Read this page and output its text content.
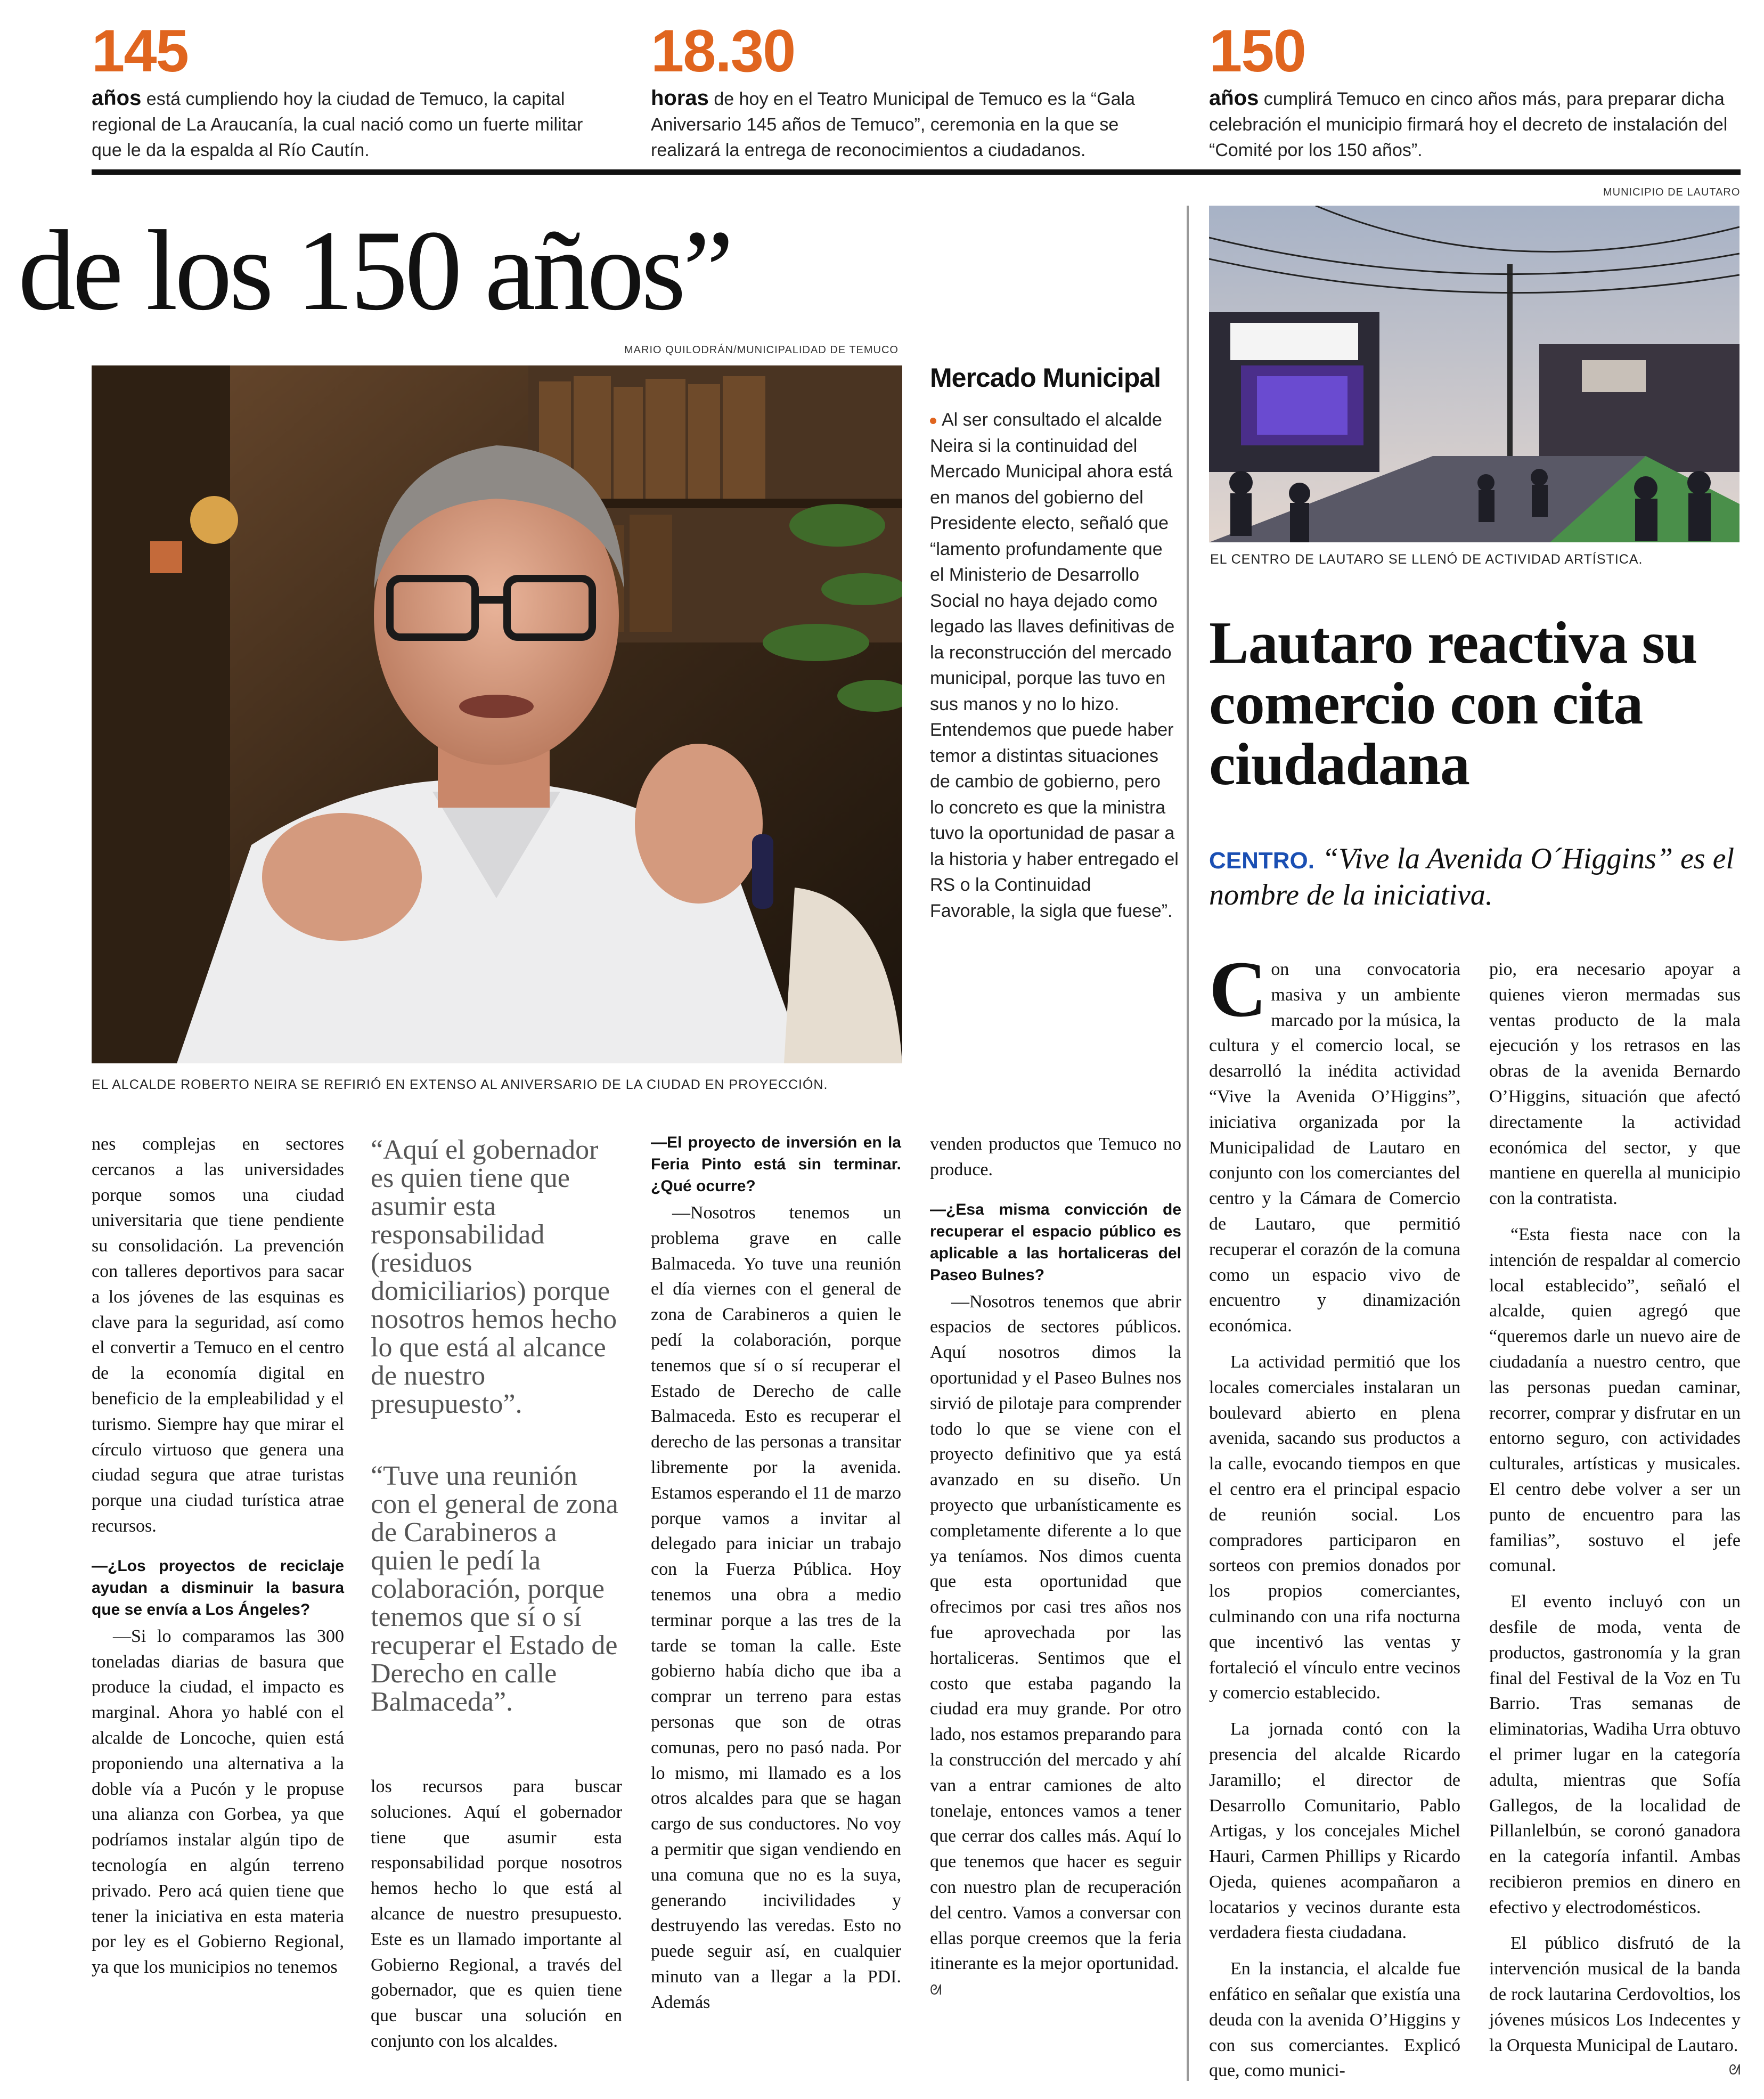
145
años está cumpliendo hoy la ciudad de Temuco, la capital regional de La Araucanía, la cual nació como un fuerte militar que le da la espalda al Río Cautín.
18.30
horas de hoy en el Teatro Municipal de Temuco es la “Gala Aniversario 145 años de Temuco”, ceremonia en la que se realizará la entrega de reconocimientos a ciudadanos.
150
años cumplirá Temuco en cinco años más, para preparar dicha celebración el municipio firmará hoy el decreto de instalación del “Comité por los 150 años”.
de los 150 años”
MARIO QUILODRÁN/MUNICIPALIDAD DE TEMUCO
EL ALCALDE ROBERTO NEIRA SE REFIRIÓ EN EXTENSO AL ANIVERSARIO DE LA CIUDAD EN PROYECCIÓN.
Mercado Municipal
Al ser consultado el alcalde Neira si la continuidad del Mercado Municipal ahora está en manos del gobierno del Presidente electo, señaló que “lamento profundamente que el Ministerio de Desarrollo Social no haya dejado como legado las llaves definitivas de la reconstrucción del mercado municipal, porque las tuvo en sus manos y no lo hizo. Entendemos que puede haber temor a distintas situaciones de cambio de gobierno, pero lo concreto es que la ministra tuvo la oportunidad de pasar a la historia y haber entregado el RS o la Continuidad Favorable, la sigla que fuese”.

nes complejas en sectores cercanos a las universidades porque somos una ciudad universitaria que tiene pendiente su consolidación. La prevención con talleres deportivos para sacar a los jóvenes de las esquinas es clave para la seguridad, así como el convertir a Temuco en el centro de la economía digital en beneficio de la empleabilidad y el turismo. Siempre hay que mirar el círculo virtuoso que genera una ciudad segura que atrae turistas porque una ciudad turística atrae recursos.

—¿Los proyectos de reciclaje ayudan a disminuir la basura que se envía a Los Ángeles?

—Si lo comparamos las 300 toneladas diarias de basura que produce la ciudad, el impacto es marginal. Ahora yo hablé con el alcalde de Loncoche, quien está proponiendo una alternativa a la doble vía a Pucón y le propuse una alianza con Gorbea, ya que podríamos instalar algún tipo de tecnología en algún terreno privado. Pero acá quien tiene que tener la iniciativa en esta materia por ley es el Gobierno Regional, ya que los municipios no tenemos

“Aquí el gobernador es quien tiene que asumir esta responsabilidad (residuos domiciliarios) porque nosotros hemos hecho lo que está al alcance de nuestro presupuesto”.
“Tuve una reunión con el general de zona de Carabineros a quien le pedí la colaboración, porque tenemos que sí o sí recuperar el Estado de Derecho en calle Balmaceda”.

los recursos para buscar soluciones. Aquí el gobernador tiene que asumir esta responsabilidad porque nosotros hemos hecho lo que está al alcance de nuestro presupuesto. Este es un llamado importante al Gobierno Regional, a través del gobernador, que es quien tiene que buscar una solución en conjunto con los alcaldes.

—El proyecto de inversión en la Feria Pinto está sin terminar. ¿Qué ocurre?

—Nosotros tenemos un problema grave en calle Balmaceda. Yo tuve una reunión el día viernes con el general de zona de Carabineros a quien le pedí la colaboración, porque tenemos que sí o sí recuperar el Estado de Derecho de calle Balmaceda. Esto es recuperar el derecho de las personas a transitar libremente por la avenida. Estamos esperando el 11 de marzo porque vamos a invitar al delegado para iniciar un trabajo con la Fuerza Pública. Hoy tenemos una obra a medio terminar porque a las tres de la tarde se toman la calle. Este gobierno había dicho que iba a comprar un terreno para estas personas que son de otras comunas, pero no pasó nada. Por lo mismo, mi llamado es a los otros alcaldes para que se hagan cargo de sus conductores. No voy a permitir que sigan vendiendo en una comuna que no es la suya, generando incivilidades y destruyendo las veredas. Esto no puede seguir así, en cualquier minuto van a llegar a la PDI. Además

venden productos que Temuco no produce.

—¿Esa misma convicción de recuperar el espacio público es aplicable a las hortaliceras del Paseo Bulnes?

—Nosotros tenemos que abrir espacios de sectores públicos. Aquí nosotros dimos la oportunidad y el Paseo Bulnes nos sirvió de pilotaje para comprender todo lo que se viene con el proyecto definitivo que ya está avanzado en su diseño. Un proyecto que urbanísticamente es completamente diferente a lo que ya teníamos. Nos dimos cuenta que esta oportunidad que ofrecimos por casi tres años nos fue aprovechada por las hortaliceras. Sentimos que el costo que estaba pagando la ciudad era muy grande. Por otro lado, nos estamos preparando para la construcción del mercado y ahí van a entrar camiones de alto tonelaje, entonces vamos a tener que cerrar dos calles más. Aquí lo que tenemos que hacer es seguir con nuestro plan de recuperación del centro. Vamos a conversar con ellas porque creemos que la feria itinerante es la mejor oportunidad.

ᘛ
MUNICIPIO DE LAUTARO
EL CENTRO DE LAUTARO SE LLENÓ DE ACTIVIDAD ARTÍSTICA.
Lautaro reactiva su comercio con cita ciudadana
CENTRO. “Vive la Avenida O´Higgins” es el nombre de la iniciativa.

Con una convocatoria masiva y un ambiente marcado por la música, la cultura y el comercio local, se desarrolló la inédita actividad “Vive la Avenida O’Higgins”, iniciativa organizada por la Municipalidad de Lautaro en conjunto con los comerciantes del centro y la Cámara de Comercio de Lautaro, que permitió recuperar el corazón de la comuna como un espacio vivo de encuentro y dinamización económica.

La actividad permitió que los locales comerciales instalaran un boulevard abierto en plena avenida, sacando sus productos a la calle, evocando tiempos en que el centro era el principal espacio de reunión social. Los compradores participaron en sorteos con premios donados por los propios comerciantes, culminando con una rifa nocturna que incentivó las ventas y fortaleció el vínculo entre vecinos y comercio establecido.

La jornada contó con la presencia del alcalde Ricardo Jaramillo; el director de Desarrollo Comunitario, Pablo Artigas, y los concejales Michel Hauri, Carmen Phillips y Ricardo Ojeda, quienes acompañaron a locatarios y vecinos durante esta verdadera fiesta ciudadana.

En la instancia, el alcalde fue enfático en señalar que existía una deuda con la avenida O’Higgins y con sus comerciantes. Explicó que, como munici-

pio, era necesario apoyar a quienes vieron mermadas sus ventas producto de la mala ejecución y los retrasos en las obras de la avenida Bernardo O’Higgins, situación que afectó directamente la actividad económica del sector, y que mantiene en querella al municipio con la contratista.

“Esta fiesta nace con la intención de respaldar al comercio local establecido”, señaló el alcalde, quien agregó que “queremos darle un nuevo aire de ciudadanía a nuestro centro, que las personas puedan caminar, recorrer, comprar y disfrutar en un entorno seguro, con actividades culturales, artísticas y musicales. El centro debe volver a ser un punto de encuentro para las familias”, sostuvo el jefe comunal.

El evento incluyó con un desfile de moda, venta de productos, gastronomía y la gran final del Festival de la Voz en Tu Barrio. Tras semanas de eliminatorias, Wadiha Urra obtuvo el primer lugar en la categoría adulta, mientras que Sofía Gallegos, de la localidad de Pillanlelbún, se coronó ganadora en la categoría infantil. Ambas recibieron premios en dinero en efectivo y electrodomésticos.

El público disfrutó de la intervención musical de la banda de rock lautarina Cerdovoltios, los jóvenes músicos Los Indecentes y la Orquesta Municipal de Lautaro.

ᘛ
